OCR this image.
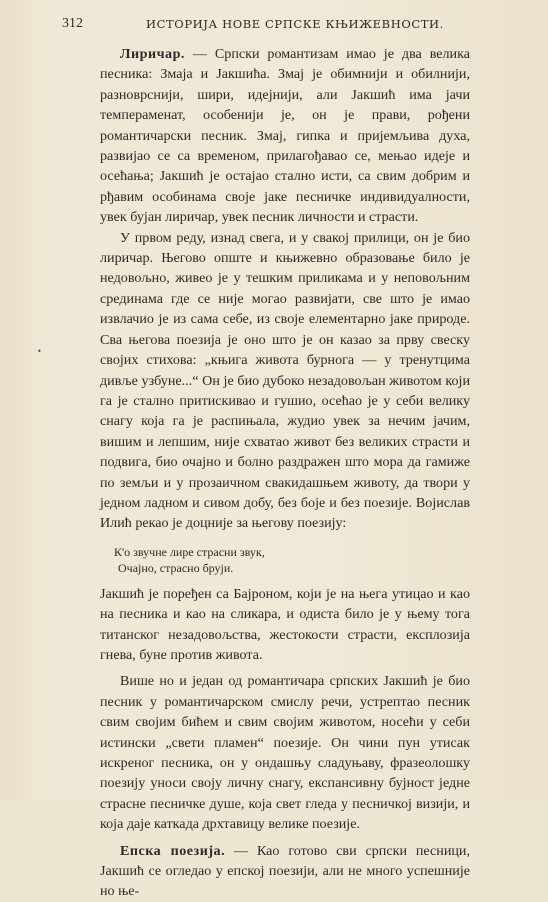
312	ИСТОРИЈА НОВЕ СРПСКЕ КЊИЖЕВНОСТИ.
•

Лиричар. — Српски романтизам имао је два велика песника: Змаја и Јакшића. Змај је обимнији и обилнији, разноврснији, шири, идејнији, али Јакшић има јачи темпераменат, особенији је, он је прави, рођени романтичарски песник. Змај, гипка и пријемљива духа, развијао се са временом, прилагођавао се, мењао идеје и осећања; Јакшић је остајао стално исти, са свим добрим и рђавим особинама своје јаке песничке индивидуалности, увек бујан лиричар, увек песник личности и страсти.

У првом реду, изнад свега, и у свакој прилици, он је био лиричар. Његово опште и књижевно образовање било је недовољно, живео је у тешким приликама и у неповољним срединама где се није могао развијати, све што је имао извлачио је из сама себе, из своје елементарно јаке природе. Сва његова поезија је оно што је он казао за прву свеску својих стихова: „књига живота бурнога — у тренутцима дивље узбуне...“ Он је био дубоко незадовољан животом који га је стално притискивао и гушио, осећао је у себи велику снагу која га је распињала, жудио увек за нечим јачим, вишим и лепшим, није схватао живот без великих страсти и подвига, био очајно и болно раздражен што мора да гамиже по земљи и у прозаичном свакидашњем животу, да твори у једном ладном и сивом добу, без боје и без поезије. Војислав Илић рекао је доцније за његову поезију:

К'о звучне лире страсни звук,
Очајно, страсно бруји.

Јакшић је поређен са Бајроном, који је на њега утицао и као на песника и као на сликара, и одиста било је у њему тога титанског незадовољства, жестокости страсти, експлозија гнева, буне против живота.

Више но и један од романтичара српских Јакшић је био песник у романтичарском смислу речи, устрептао песник свим својим бићем и свим својим животом, носећи у себи истински „свети пламен“ поезије. Он чини пун утисак искреног песника, он у ондашњу сладуњаву, фразеолошку поезију уноси своју личну снагу, експансивну бујност једне страсне песничке душе, која свет гледа у песничкој визији, и која даје каткада дрхтавицу велике поезије.

Епска поезија. — Као готово сви српски песници, Јакшић се огледао у епској поезији, али не много успешније но ње-
